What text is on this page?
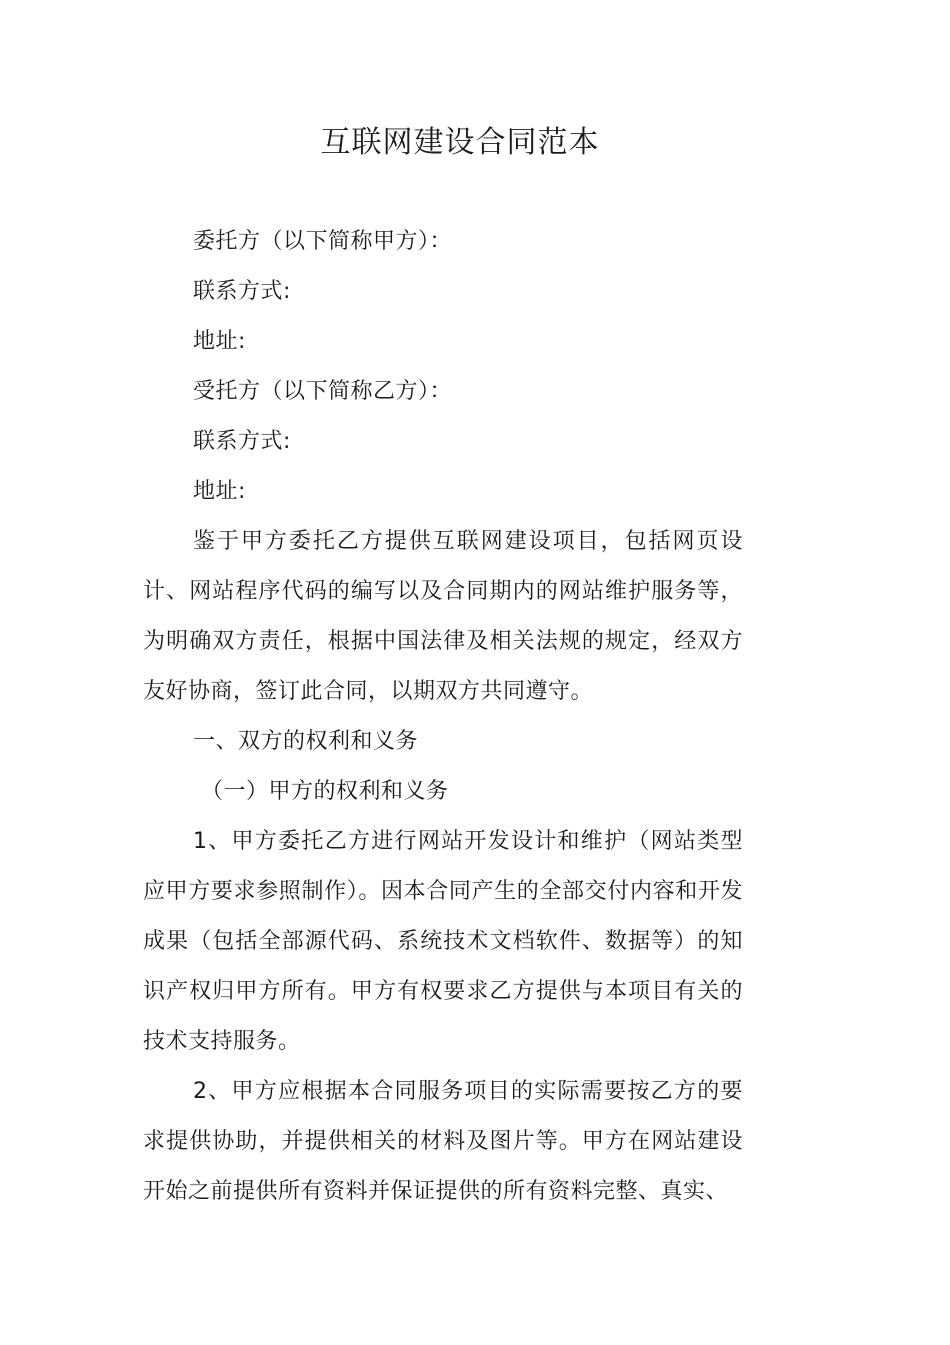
互联网建设合同范本

委托方（以下简称甲方）：

联系方式:

地址:

受托方（以下简称乙方）：

联系方式:

地址:

鉴于甲方委托乙方提供互联网建设项目，包括网页设计、网站程序代码的编写以及合同期内的网站维护服务等，为明确双方责任，根据中国法律及相关法规的规定，经双方友好协商，签订此合同，以期双方共同遵守。

一、双方的权利和义务

（一）甲方的权利和义务

1、甲方委托乙方进行网站开发设计和维护（网站类型应甲方要求参照制作）。因本合同产生的全部交付内容和开发成果（包括全部源代码、系统技术文档软件、数据等）的知识产权归甲方所有。甲方有权要求乙方提供与本项目有关的技术支持服务。

2、甲方应根据本合同服务项目的实际需要按乙方的要求提供协助，并提供相关的材料及图片等。甲方在网站建设开始之前提供所有资料并保证提供的所有资料完整、真实、
